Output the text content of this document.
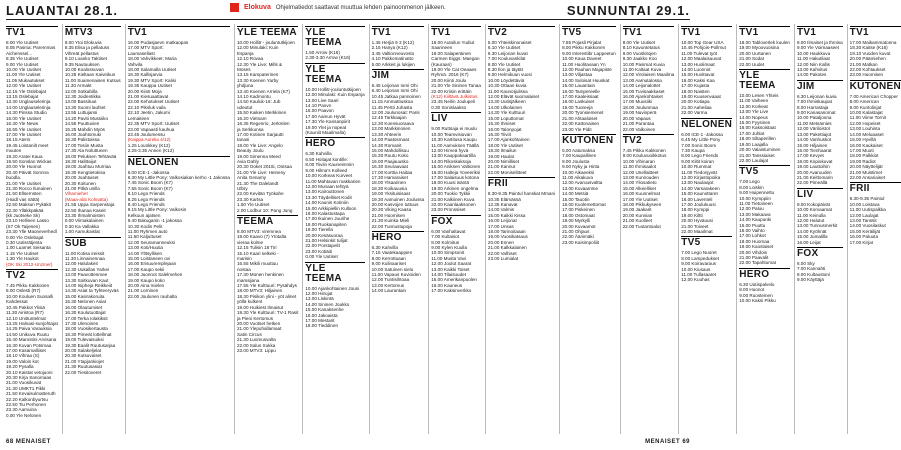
LAUANTAI 28.1.	Elokuva Ohjelmatiedot saattavat muuttua lehden painoonmenon jälkeen.	SUNNUNTAI 29.1.
TV1
8.00 Yle Uutiset
8.05 Pasma: Paremmas
Aichenssel...
8.35 Yle Uutiset
9.00 Yle Uutiset
10.00 Yle Uutiset
11.00 Yle Uutiset
11.05 Mukautukset
12.00 Yle Uutiset
12.15 Yle Oslebajat
13.15 Oslebajat
13.30 Unglauselerinja
14.00 Unglauselerinja
14.30 Pinssa Studio
15.00 Yle Uutiset
16.30 Yle News
16.55 Yle Uutiset
17.00 Yle Uutiset
18.15 Ateris
19.45 Loistanilt meet
muuten
19.20 Aratei Kaua
19.50 Sonslan Wickas
20.00 Yle Huonot
20.40 Päivät Sonnna
buodla.
21.00 Yle Uutiset
21.30 Rocco Ilunainen
21.50 Ellsernsten
(Huidl vas nättä)
22.50 Maksun Pykäkö
22.30 Ylläkkpäkää
(kk Juotseke Sk)
23.10 Hellinen Lasso
(S7 Ok Taijesen)
23.30 Ylle Maoneverhedl
0.00 Yle Oslebajat
0.30 Uutisrätjenta
1.00 Luamet Seisanta
1.15 Yle Uutiset
1.30 Yle Haukot
(OK Ski 2012-Unzmer)
TV2
7.45 Pikku Kakkonen
8.00 Oslesti (R7)
10.00 Kouluen Suosalli
Kahdessat
10.45 Pakkot Ylisiä
11.30 Airistoa (R7)
12.10 Unittuntelmat
13.25 Halnasi-sunjohtajat
14.25 Paiva Varauksia
14.50 Unikuva Ruutu
15.40 Marostini Arvisana
16.30 Kuvan Potsmaa
17.00 Kasamalliiset
18.10 Vihraa (S)
19.00 Valoin kot
19.20 Pysalla
20.10 Kaistat vetojuoni
20.30 Kirja Sanomaas
21.00 Vuosikuvat
21.30 UMKT1 Pikki
21.50 Kevaisulmatteruth
22.20 Kalkonbyurtsu
22.50 Tiu Perhonen
23.30 Aamuina
0.00 Yle Nelonen
MTV3
8.00 Ytoi Elokuvia
8.35 Elisa ja pellatuss
Vihreät pellastus
9.10 Loanko Taktiset
9.35 Nautuuksen
10.00 Koalossuvan
10.25 Kieltaan Kaiveikus
11.00 Suamenaisen Kutsus
11.30 Armakt
12.00 Sotkabilla
12.30 Joidentikka
13.00 Bassituut
13.30 Suomi laufset
13.55 Luttujansi
14.20 Paviti Mussiiko
14.55 Puuttuvien
15.25 Mahdin Myös
16.00 Joahtomuki
16.30 Palistoissa
17.00 Tosiin Musta
17.30 Ala Noluttunen
18.00 Peluksen Tehtävää
18.30 Halittaijut
19.00 Joahtuu Murriaa
19.30 Kengtietokisa
20.00 Joahtuiset
20.30 Koitunen
21.00 Pitkä unilla
Vihamiehet
(Maaa-alat Kolmatta)
21.55 Uppa Sarpenstaja
22.50 Ihanaa Kaseit
23.30 Ihmalmoisten
0.00 Viimakalainen
0.30 Ka Vallakka
1.00 Aamukaislat
SUB
11.00 Kotisa ireissit
11.30 Linnainennaa
12.00 Halulakeit
12.30 Uukallas Yarkei
13.00 Paavottenmee
13.30 Soitkuvan Kaut
14.00 Isipheja Reikkeiit
14.30 Asiat ta Tyhteeryväs
15.00 Kasirakoruita
15.30 Nelonen Asiat
16.00 Olautumiset
16.30 Koulutuottajat
17.00 Terka Iolakiksit
17.30 Ulenoinen
18.00 Vuosikertausta
18.30 Pimeät lottellmat
19.00 Tulevaisuiksi
19.30 Eaalit Ruutusarjaa
20.00 Salakeljelat
20.30 Kutsuvaiset
21.00 Ytapjankiojet
21.30 Ruutusasiat
22.00 Tiesitoveret
TV1
16.00 Pudasjaevn matkaopas
17.00 MTV Sport:
Laumasellast
18.00 Vahvikkeet: Maria
Vahvila
18.00 Salamalla Uutiset
18.30 Kallisjarvia
19.30 MTV Sport: Kalisi
19.35 Kauppa Uutiset
20.00 Kiinti Moja
21.00 Kiesuaattavat
22.00 Kehotukset Uutiset
22.10 Piksluk vaila
22.10 Jeetin, Jakumi
Lemaiteen
22.35 MTV Sport: Uutiset
23.00 Vapaasti kauhua
23.45 Joulumessu
(Kaippa Aurelia 4/12)
1.25 Lounkkey (K12)
2.25-3.35 Annen (K12)
NELONEN
6.00 ICE-1 -Jakossa
6.30 My Little Pony: Valkosiakan kerho -1 Jakossa
7.45 Sonic Boom (K7)
7.55 Sonic Boom (K7)
8.10 Lego Friends
8.25 Lego Friends
8.40 Lego Friends
9.15 My Little Pony: Valkosin
Kelkuun ajatsen
9.40 Bakuganin -1 jakossa
10.30 Kodin Pelit
11.00 Ryhmen auto
11.50 Kaljuttuset
12.00 Seuramanneuksi
13.00 Koti/Huutia
14.00 Ylttsyllisen
15.00 Loistaneen ovi
16.00 Erisuuremplejaan
17.00 Kaupo sekii
18.00 Juonnot Salelmehen
19.00 Kaupo koko
20.00 Aina mielen
21.00 Lorninen
22.00 Joulunen rauhalta
YLE TEEMA
10.00 Hollitr - jouluntutkijoen
12.00 Minulaki: Kuin
Espanja
12.10 Rovaa
12.30 Yle Live: Mills &
Moses
13.15 Kampaterines
13.30 Koenen Yarby
yhdjuna
13.40 Koenen Arriela (K7)
14.10 Kadmontu
14.50 Kauluk-16: Jub
udeutut
15.50 Kaiken Merkkinen
16.20 Vietnam
16.35 Regenrio, Jerkmlen
ja Serkkunsa
17.00 Kotinen Sarjautti
tanasi
18.00 Yle Live: Angelo
Beauty Joulu
19.00 Simenna Meed
Avia Dahly
20.30 Ooket 2016i, Ootsaa
21.00 Yle Live: Heineny
Anita Genamy
21.30 The Dalelandt
Ulbry
22.00 Kevitän Työkahe
23.30 Kartsa
1.50 Yle Uutiset
2.00 Lodbur 10: Pang Jung
TEEMA
8.00 MTV3: viremnea
19.00 Kaavo (7) Ytotalta
vieraa kolme
12.15 Tulisin 18 Tiri
15.10 Kaari selkeki -
marisin
16.55 Mikili muuttuu
nostaa
17.30 Monen henkinen
marssijana
17.55 Yle Kulttuuri: Pysähdys
18.00 MTV3: Hiljainen
18.30 Pisikon ylini - yöt alinet
yöllä kulkent
19.00 Huikiest Ilmaisut
19.30 Yle Kulttuuri: TV-1 Rasit
ja Pieni Kertomus
20.00 Vuotset hetken
21.00 Ylepuhallamaat
Satin Circus
21.30 Luomusvalta
22.00 Salus Sukka
23.00 MTV3: Lippu
YLE TEEMA
1.50 Arrow (K16)
2.30-3.30 Arrow (K16)
YLE TEEMA
10.00 Hollitr-jouluntutkijoen
12.00 Minulaki: Kuin Espanja
13.00 Live Saari
14.10 Paovn
15.00 Paavon
17.00 Aamun Hyvät
17.30 Yle Kansanpiirit
19.00 Ylet ja nopeat
(Kauniit Maailmalla)
HERO
6.30 Kahvilla
6.50 Hoitajat kontille:
8.00 Tiiviin Kauneimmin
9.00 Hilma's Kolleed
10.00 Korkeas Kurveet
11.00 Mahtavan makkarien
12.00 Munaan tehtyä
13.00 Kairouttonen
13.30 Täydelliset Kodit
14.00 Kaunis Kotiniin
15.00 Arkkipiellin Kulloon
16.00 Kalastustapa
17.00 Ikuinen Juurihe
18.00 Ruokanapiten
19.00 Tierella
20.00 Kesäsuoraa
21.00 Helsinkit tulijat
22.00 Porstapelit
23.00 Kotiäiti
0.00 Yle Uutiset
YLE TEEMA
10.00 Ajankohtainen Jousi
12.00 Hiirujat
13.00 Liskintä
14.00 Sininen Joukko
15.00 Kanaksenhe
16.00 Jakoaista
17.00 Mestarit
18.00 Tieddinen
TV1
1.45 Herjiä 9 3 (K12)
2.15 Hanya (K12)
3.45 Valtionneuvosto
4.10 Pakkomatinatto
5.00 Arkkeit ja lukijen
JIM
6.45 Leijonan Iomi Ohi
6.40 Leijonan Iomi Ohi
10.45 Jatkaa pannoinen
11.15 Ammattiuskoa
11.45 Pertti Juhasta
12.00 Joulunosat: Paris
12.45 Tarkkaajan
12.30 Koensuoraava
13.00 Markkinosen
13.30 Ahteerin
14.00 Paatosmaat
14.30 Romanit
15.00 Mahdollisuu
15.30 Ruutu Koko
16.00 Paajauusko
16.30 Seuraavaat
17.00 Korttia Haitaa
17.30 Hamaraiset
18.00 Ylsaarinen
18.30 Koikauusia
19.00 Yksituisisaat
19.30 Aamuinen Joulussa
20.00 Kasvojen tuttuus
20.30 Viking Kaasa
21.00 Huomisen
21.30 Kuinka Mieli
22.00 Tunnustupoja
HERO
6.30 Kahvilla
7.15 Vaatekaappien
8.00 Kerrottuaan
9.00 Kulinaariset
10.00 Satuinen sielu
11.00 Vapaus Kuvioiden
12.00 Tuntisihtoaa
13.00 Kertomus
14.00 Laurantain
TV1
18.00 Autoilun Yudiut
Saarineen
18.00 Salaperäinen
Carmen Eiggs: Maegan
(Kauraan)
19.00 Yle Cat Oeaaes
Ryhmä. 2016 (K7)
20.00 Kiinti Joulu
21.00 Yle Sininen Tanaa
22.00 Kriisin erittäin
(K12) Kiiltävä Julkistus
23.45 Neilin Joulupeli
0.30 Sonislaakso
LIV
9.00 Ruttsaja ei muulu
10.00 Teamvisiuvan
10.30 Kartitusa Kaupu
11.00 Aamuksen Täällä
12.00 Hirveä hyvä
13.00 Kauppakaartilla
14.00 Rikoskaksoja
15.00 Aniksen Valtionen
16.00 Halteja Yoveeriksi
17.00 Salaisuus kotona
18.00 Kuusi isäntä
19.00 Arkinen ongelma
20.00 Tuokio Tykkii
21.00 Kalkiinen Kuva
22.00 Kaanlaaksonen
23.00 Pronssiset
FOX
6.00 Vanhaltavat
7.00 Kultaisot
8.00 Kolmitus
9.00 Kylen Kuulla
10.00 Simpsonit
11.00 Musta Vavi
12.00 Joulut Saarat
13.00 Kaikki Toiset
14.00 Tilaisuudet
15.00 Amerikanpuolen
16.00 Kauneus
17.00 Kaksinverkko
TV2
5.00 Yhteiskinonaiset
6.10 Yle Uutiset
6.30 Leijonan kuvat
7.00 Kouluvankilat
8.00 Yle Uutiset
8.30 Ilon ja täytät
9.00 Helmikuun vuosi
10.00 Löydettäviä
10.30 Ottaan kuvia
11.00 Kaunotjulissa
12.00 Elävät suomalaiset
13.30 Uutisjälkeen
14.00 Ulkolainen
14.30 Yle Kulttuuri
15.00 Loputtomat
15.30 Ihmiset
16.00 Talonpojat
16.30 Tiiviit
17.00 Ajankohtainen
18.00 Yle Uutiset
18.30 Ilmailun
19.00 Haulat
20.00 Nimilliset
21.00 Kannut
22.00 Moniselitteet
FRII
8.30-9.35 Paintul hanskat Mmani
10.35 Elämässä
12.35 Kanavat
14.00 Valmis
15.00 Kaikki Kissa
16.00 Leijonat
17.00 Unsas
18.00 Tarinoitaaan
19.00 Vuosikatsaus
20.00 Ennen
21.00 Kalkkalainen
22.00 Valhiset
23.00 Lumialat
TV5
7.55 Pojasli Pirjalat
8.00 Pikku Kakkonen
9.00 Interestibr Lappeetun
10.00 Kaua Daveet
11.00 Huolitavaan Yn
12.00 Rauhan Majapiste
13.00 Viljastaa
14.00 Suloisat Huuskat
15.00 Lauantain
16.00 Tampereelle
17.00 Kaaleissaat
18.00 Laskuiset
19.00 Tuoreeja
20.00 Tyonsiemenet
21.00 Ahtaaloiset
22.00 Kattonaisen
23.00 Yle Pidit
KUTONEN
6.00 Aatumaksa
7.00 Kaupallinen
8.00 Joulusta
9.00 Nyky ja Hinta
10.00 Aikaeeksi
11.00 Aikakuva
12.00 Avaruusvaltta
13.00 Kuvaamme
14.00 Metsiä
15.00 Tauotin
16.00 Kuolemettomat
17.00 Piskeinen
18.00 Ostomaat
19.00 Myrkylli
20.00 Kuvaamot
21.00 Ohjaus
22.00 Äänimäki
23.00 Kaisimpoliiit
TV1
8.00 Yle Uutiset
8.10 Kavuntetatus
9.00 Vuoskitojen
9.30 Jaakko Koo
10.00 Pasimat Kuvia
11.00 Kaltaat Kuva
12.00 Virolaisen Maailma
13.00 Aamutalossa
14.00 Leijonalottet
15.00 Tuvisaakkaset
16.00 Ajankohtaiset
17.00 Muusiiki
18.00 Joulunmaa
19.00 Nuvinperä
20.00 Vapaus
21.00 Parantaa
22.00 Valkoinen
TV2
7.45 Pikku Kakkonen
9.00 Kouluvuoikkotus
10.00 Vihinaran
11.00 Ihmisaalot
12.00 Unellaitteet
13.00 Kunnouden
14.00 Yliosatieto
15.00 Alkeelliset
16.00 Kuunnelmat
17.00 Yle Uutiset
18.00 Pikkukyseen
19.00 Jaakarit
20.00 Kunnian
21.00 Kuolleet
22.00 Tuotantoalut
TV1
10.00 Top Gear USA
10.45 Pohjois-Pollmut
11.00 Tulevat työt
12.00 Maalaisuuvat
13.00 Huolimaat
14.00 Luonnot
15.00 Huvittavat
16.00 Kaksi Kaa
17.00 Kujasta
18.00 Naisten
19.00 Kuusenvaaat
20.00 Kotiapa
21.00 Aaheilaa
22.00 Varma
NELONEN
6.00 ICE-1 -Jakossa
6.45 My Little Pony
7.00 Sonic Boom
7.30 Kaupa
8.00 Lego Friends
9.00 Kiltit koiran
10.00 Rummat
11.00 Tiedonjyvät
12.00 Kirjastopoika
13.00 Naulaajot
14.00 Varsarakeen
15.00 Kaunottaret
16.00 Laventeli
17.00 Joulukuusi
18.00 Kymppi
19.00 Kiltti
20.00 Hyväuusi
21.00 Toiveet
22.00 Maailmat
TV5
7.00 Lego Nuoret
8.00 Lampedukset
9.00 Koiravaraus
10.00 Kiusaus
11.00 Tullasaaret
12.00 Kuuhas
TV1
18.00 Tabloverlek kuulen
19.00 Myoovuosina
20.00 Uurtanen
21.00 Sodat
22.00 Uudet
YLE TEEMA
10.00 Lesen Yhteis
11.00 Vaiheen
12.00 Korkeat
13.00 Yle Live
14.00 Nopeus
15.00 Fyysinen
16.00 Kaksoistaat
17.00 Juhlat
18.00 Siltaperillen
19.00 Laajalla
20.00 Valaistuminen
21.00 Tanssiaiset
22.00 Laulajat
TV5
7.00 Lego
8.00 Loiskin
9.00 Huipennettu
10.00 Kymppiin
11.00 Tietoineen
12.00 Paluu
13.00 Makaava
14.00 Kaupunki
15.00 Puuttu
16.00 Vaihto
17.00 Lohkot
18.00 Huomaa
19.00 Kaoslaiset
20.00 Vihdoin
21.00 Paavalit
22.00 Tapahtumat
HERO
6.30 Uutispalvelu
8.00 Huonot
9.00 Ruosteinen
10.00 Kaksi Pikku
TV1
8.00 Ilmaiset ja Ihmisa
9.00 Yle Voimaaseet
10.00 Haukkuva
11.00 Hakutilaat
12.00 Niin Kallis
13.00 Kahvitus
14.00 Pakotes
JIM
6.30 Leijonan kuvia
7.00 Ihmiskaupat
8.00 Harrastaja
9.00 Kanasanomat
10.00 Pataljoona
11.00 Metsämies
12.00 Väriloistot
13.00 Pakettiajot
14.00 Vanhuskot
15.00 Hiljainen
16.00 Tienhaarat
17.00 Kevyet
18.00 Kopiokuvat
19.00 Lauttoihin
20.00 Avaruuden
21.00 Keittomarin
22.00 Pimeällä
LIV
9.00 Kokopäivät
10.00 Korvaamat
11.00 Keinulla
12.00 Halutut
13.00 Tunnusmerkit
14.00 Kyöhnät
15.00 Jumalilla
16.00 Leijat
FOX
6.00 Sky
7.00 Kannahti
8.00 Kultaustoni
9.00 Käyttäjä
TV1
17.00 Maikammatonna
18.30 Kaitse (K16)
19.10 Vuoden kuvat
20.00 Päämiehen
21.00 Matkan
22.00 Kohtaukset
23.00 Huomisen
KUTONEN
7.00 American Chopper
8.00 American
9.00 Kuntolinjat
10.00 Kalastajat
11.00 Viime Tornit
12.00 Hopeiset
13.00 Louhinta
14.00 Meluaaset
15.00 Hyvillä
16.00 Kaukaiset
17.00 Muoti
18.00 Palkkiot
19.00 Radiot
20.00 Näyttelijät
21.00 Muistimet
22.00 Ansariaiset
FRII
8.30-9.35 Paintul
10.00 Loistava
11.00 Uutispalkka
12.00 Laulajat
13.00 Tanssit
14.00 Vuosilaskut
15.00 Keräilijät
16.00 Paluuta
17.00 Kirjat
68 MENAISET	MENAISET 69
